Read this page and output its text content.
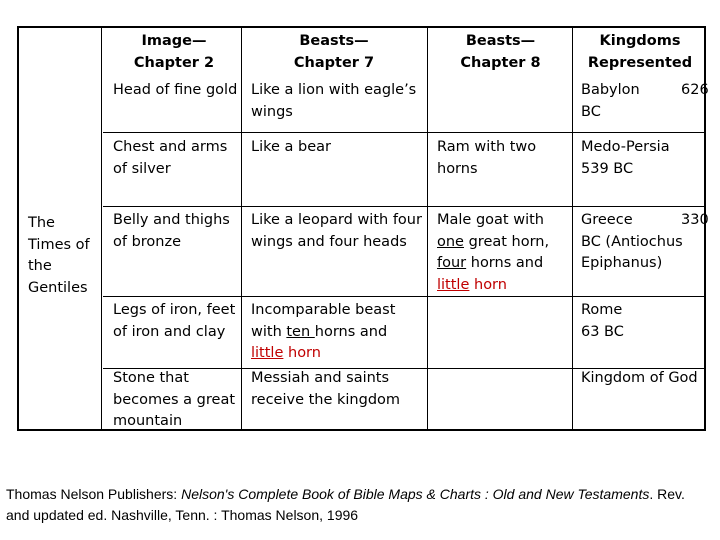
Image—
Chapter 2
Beasts—
Chapter 7
Beasts—
Chapter 8
Kingdoms
Represented
The
Times of
the
Gentiles
Head of fine gold Like a lion with eagle’s
wings
Babylon
BC
626
Chest and arms
of silver
Like a bear	Ram with two
horns
Medo-Persia
539 BC
Belly and thighs
of bronze
Like a leopard with four
wings and four heads
Male goat with
one great horn,
four horns and
little horn
Greece
BC (Antiochus
Epiphanus)
330
Legs of iron, feet
of iron and clay
Incomparable beast
with ten horns and
little horn
Rome
63 BC
Stone that
becomes a great
mountain
Messiah and saints
receive the kingdom
Kingdom of God
Thomas Nelson Publishers: Nelson's Complete Book of Bible Maps & Charts : Old and New Testaments. Rev. and updated ed. Nashville, Tenn. : Thomas Nelson, 1996
